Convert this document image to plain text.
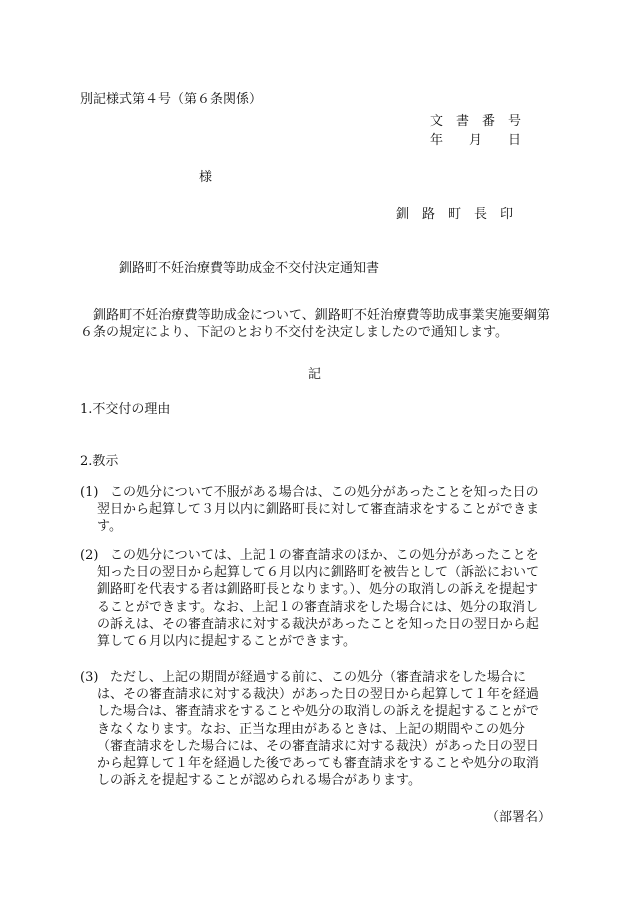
別記様式第４号（第６条関係）
文　書　番　号
年　　月　　日
様
釧　路　町　長　印
釧路町不妊治療費等助成金不交付決定通知書
　釧路町不妊治療費等助成金について、釧路町不妊治療費等助成事業実施要綱第６条の規定により、下記のとおり不交付を決定しましたので通知します。
記
1.不交付の理由
2.教示
(1)
　この処分について不服がある場合は、この処分があったことを知った日の翌日から起算して３月以内に釧路町長に対して審査請求をすることができます。
(2)
　この処分については、上記１の審査請求のほか、この処分があったことを知った日の翌日から起算して６月以内に釧路町を被告として（訴訟において釧路町を代表する者は釧路町長となります。）、処分の取消しの訴えを提起することができます。なお、上記１の審査請求をした場合には、処分の取消しの訴えは、その審査請求に対する裁決があったことを知った日の翌日から起算して６月以内に提起することができます。
(3)
　ただし、上記の期間が経過する前に、この処分（審査請求をした場合には、その審査請求に対する裁決）があった日の翌日から起算して１年を経過した場合は、審査請求をすることや処分の取消しの訴えを提起することができなくなります。なお、正当な理由があるときは、上記の期間やこの処分（審査請求をした場合には、その審査請求に対する裁決）があった日の翌日から起算して１年を経過した後であっても審査請求をすることや処分の取消しの訴えを提起することが認められる場合があります。
（部署名）
